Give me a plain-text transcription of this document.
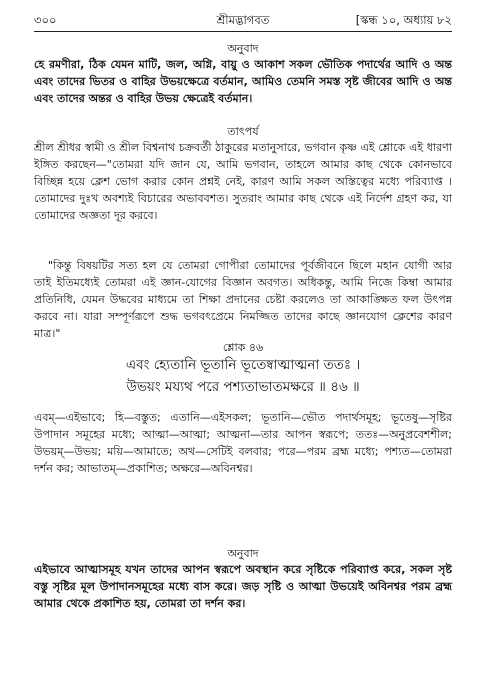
৩০০	শ্রীমদ্ভাগবত	[স্কন্ধ ১০, অধ্যায় ৮২
অনুবাদ
হে রমণীরা, ঠিক যেমন মাটি, জল, অগ্নি, বায়ু ও আকাশ সকল ভৌতিক পদার্থের আদি ও অন্ত এবং তাদের ভিতর ও বাহির উভয়ক্ষেত্রে বর্তমান, আমিও তেমনি সমস্ত সৃষ্ট জীবের আদি ও অন্ত এবং তাদের অন্তর ও বাহির উভয় ক্ষেত্রেই বর্তমান।
তাৎপর্য
শ্রীল শ্রীধর স্বামী ও শ্রীল বিশ্বনাথ চক্রবর্তী ঠাকুরের মতানুসারে, ভগবান কৃষ্ণ এই শ্লোকে এই ধারণা ইঙ্গিত করছেন—"তোমরা যদি জান যে, আমি ভগবান, তাহলে আমার কাছ থেকে কোনভাবে বিচ্ছিন্ন হয়ে ক্লেশ ভোগ করার কোন প্রশ্নই নেই, কারণ আমি সকল অস্তিত্বের মধ্যে পরিব্যাপ্ত । তোমাদের দুঃখ অবশ্যই বিচারের অভাববশত। সুতরাং আমার কাছ থেকে এই নির্দেশ গ্রহণ কর, যা তোমাদের অজ্ঞতা দূর করবে।
"কিন্তু বিষয়টির সত্য হল যে তোমরা গোপীরা তোমাদের পূর্বজীবনে ছিলে মহান যোগী আর তাই ইতিমধ্যেই তোমরা এই জ্ঞান-যোগের বিজ্ঞান অবগত। অধিকন্তু, আমি নিজে কিম্বা আমার প্রতিনিধি, যেমন উদ্ধবের মাধ্যমে তা শিক্ষা প্রদানের চেষ্টা করলেও তা আকাঙ্ক্ষিত ফল উৎপন্ন করবে না। যারা সম্পূর্ণরূপে শুদ্ধ ভগবৎপ্রেমে নিমজ্জিত তাদের কাছে জ্ঞানযোগ ক্লেশের কারণ মাত্র।"
শ্লোক ৪৬
এবং হ্যেতানি ভূতানি ভূতেষ্বাত্মাত্মনা ততঃ ।
উভয়ং ময্যথ পরে পশ্যতাভাতমক্ষরে ॥ ৪৬ ॥
এবম্—এইভাবে; হি—বস্তুত; এতানি—এইসকল; ভূতানি—ভৌত পদার্থসমূহ; ভূতেষু—সৃষ্টির উপাদান সমূহের মধ্যে; আত্মা—আত্মা; আত্মনা—তার আপন স্বরূপে; ততঃ—অনুপ্রবেশশীল; উভয়ম্—উভয়; ময়ি—আমাতে; অথ—সেটিই বলবার; পরে—পরম ব্রহ্ম মধ্যে; পশ্যত—তোমরা দর্শন কর; আভাতম্—প্রকাশিত; অক্ষরে—অবিনশ্বর।
অনুবাদ
এইভাবে আত্মাসমূহ যখন তাদের আপন স্বরূপে অবস্থান করে সৃষ্টিকে পরিব্যাপ্ত করে, সকল সৃষ্ট বস্তু সৃষ্টির মূল উপাদানসমূহের মধ্যে বাস করে। জড় সৃষ্টি ও আত্মা উভয়েই অবিনশ্বর পরম ব্রহ্ম আমার থেকে প্রকাশিত হয়, তোমরা তা দর্শন কর।
